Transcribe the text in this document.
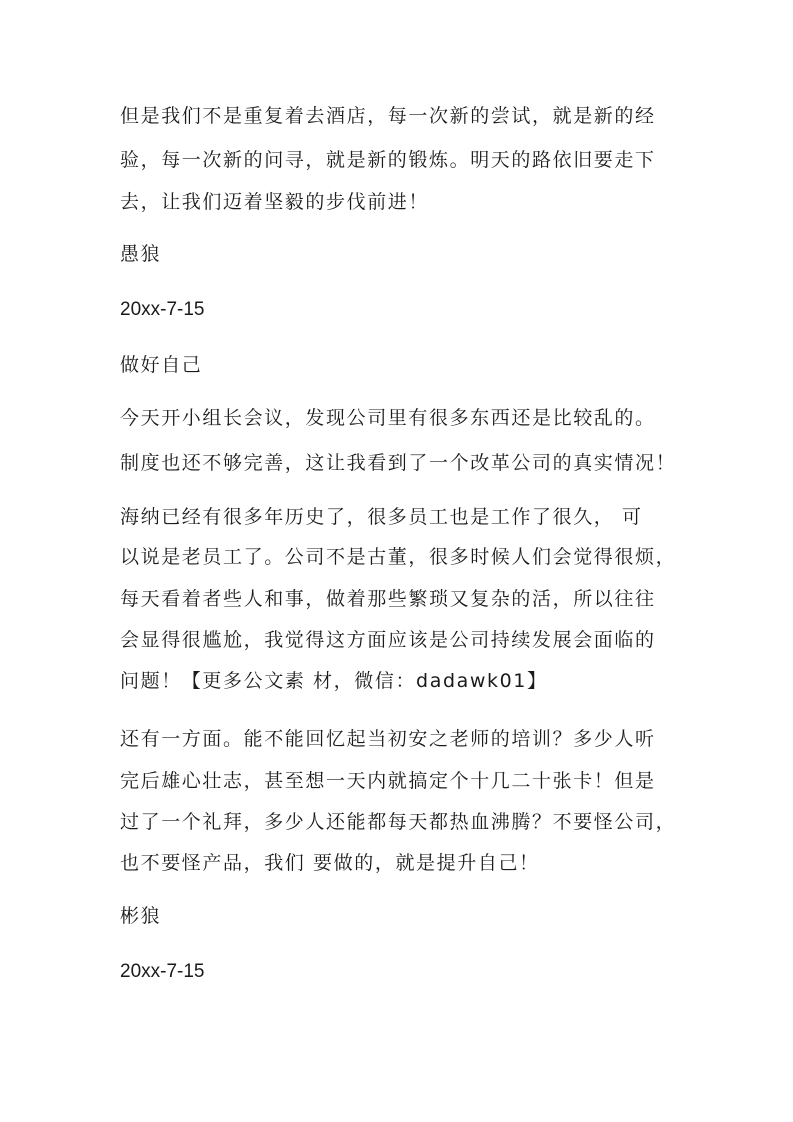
但是我们不是重复着去酒店，每一次新的尝试，就是新的经
验，每一次新的问寻，就是新的锻炼。明天的路依旧要走下
去，让我们迈着坚毅的步伐前进！
愚狼
20xx-7-15
做好自己
今天开小组长会议，发现公司里有很多东西还是比较乱的。
制度也还不够完善，这让我看到了一个改革公司的真实情况！
海纳已经有很多年历史了，很多员工也是工作了很久， 可
以说是老员工了。公司不是古董，很多时候人们会觉得很烦，
每天看着者些人和事，做着那些繁琐又复杂的活，所以往往
会显得很尴尬，我觉得这方面应该是公司持续发展会面临的
问题！【更多公文素 材，微信：dadawk01】
还有一方面。能不能回忆起当初安之老师的培训？多少人听
完后雄心壮志，甚至想一天内就搞定个十几二十张卡！但是
过了一个礼拜，多少人还能都每天都热血沸腾？不要怪公司，
也不要怪产品，我们 要做的，就是提升自己！
彬狼
20xx-7-15
